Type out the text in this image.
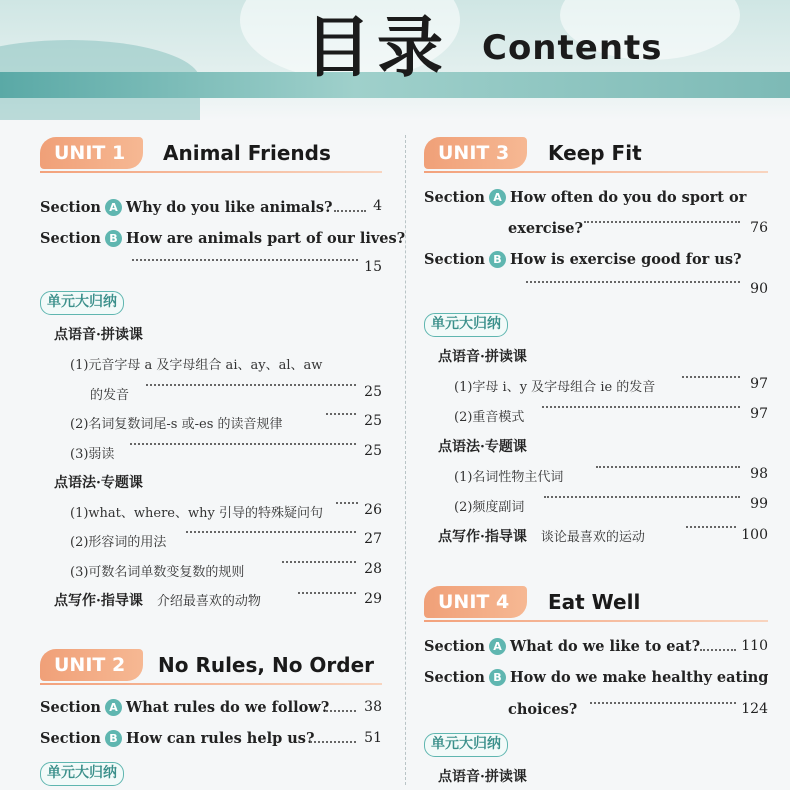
目录 Contents
UNIT 1	Animal Friends
Section A Why do you like animals?	4
Section B How are animals part of our lives?
15
单元大归纳
点语音·拼读课
(1)元音字母 a 及字母组合 ai、ay、al、aw
的发音	25
(2)名词复数词尾-s 或-es 的读音规律	25
(3)弱读	25
点语法·专题课
(1)what、where、why 引导的特殊疑问句	26
(2)形容词的用法	27
(3)可数名词单数变复数的规则	28
点写作·指导课 介绍最喜欢的动物	29
UNIT 2	No Rules, No Order
Section A What rules do we follow? 38
Section B How can rules help us?	51
单元大归纳
UNIT 3	Keep Fit
Section A How often do you do sport or
exercise?	76
Section B How is exercise good for us?
90
单元大归纳
点语音·拼读课
(1)字母 i、y 及字母组合 ie 的发音	97
(2)重音模式	97
点语法·专题课
(1)名词性物主代词	98
(2)频度副词	99
点写作·指导课 谈论最喜欢的运动	100
UNIT 4	Eat Well
Section A What do we like to eat?	110
Section B How do we make healthy eating
choices?	124
单元大归纳
点语音·拼读课
